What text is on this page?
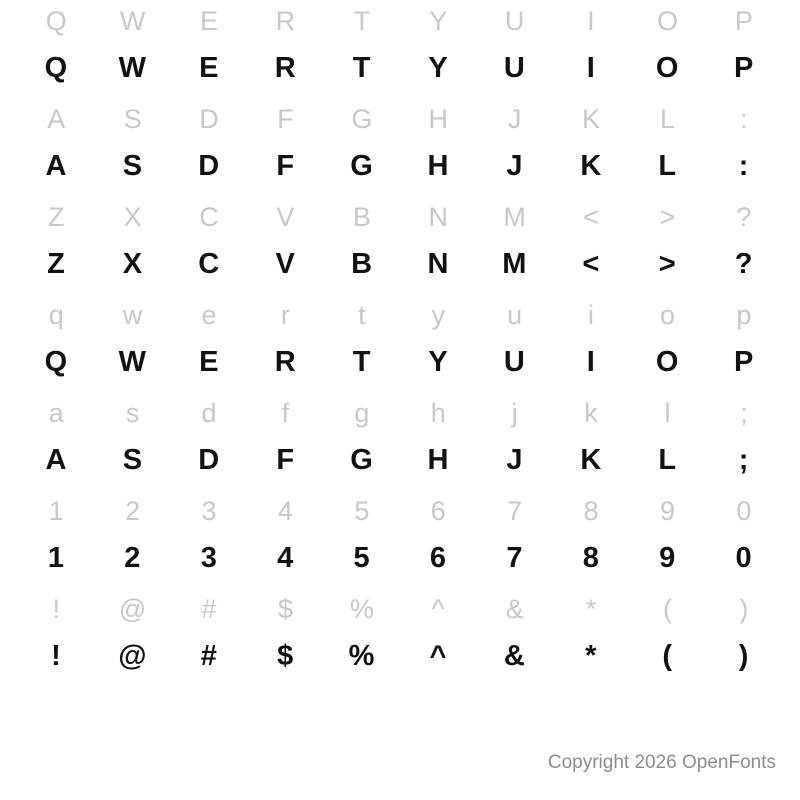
Q	W	E	R	T	Y	U	I	O	P
Q	W	E	R	T	Y	U	I	O	P
A	S	D	F	G	H	J	K	L	:
A	S	D	F	G	H	J	K	L	:
Z	X	C	V	B	N	M	<	>	?
Z	X	C	V	B	N	M	<	>	?
q	w	e	r	t	y	u	i	o	p
Q	W	E	R	T	Y	U	I	O	P
a	s	d	f	g	h	j	k	l	;
A	S	D	F	G	H	J	K	L	;
1	2	3	4	5	6	7	8	9	0
1	2	3	4	5	6	7	8	9	0
!	@	#	$	%	^	&	*	(	)
!	@	#	$	%	^	&	*	(	)
Copyright 2026 OpenFonts
